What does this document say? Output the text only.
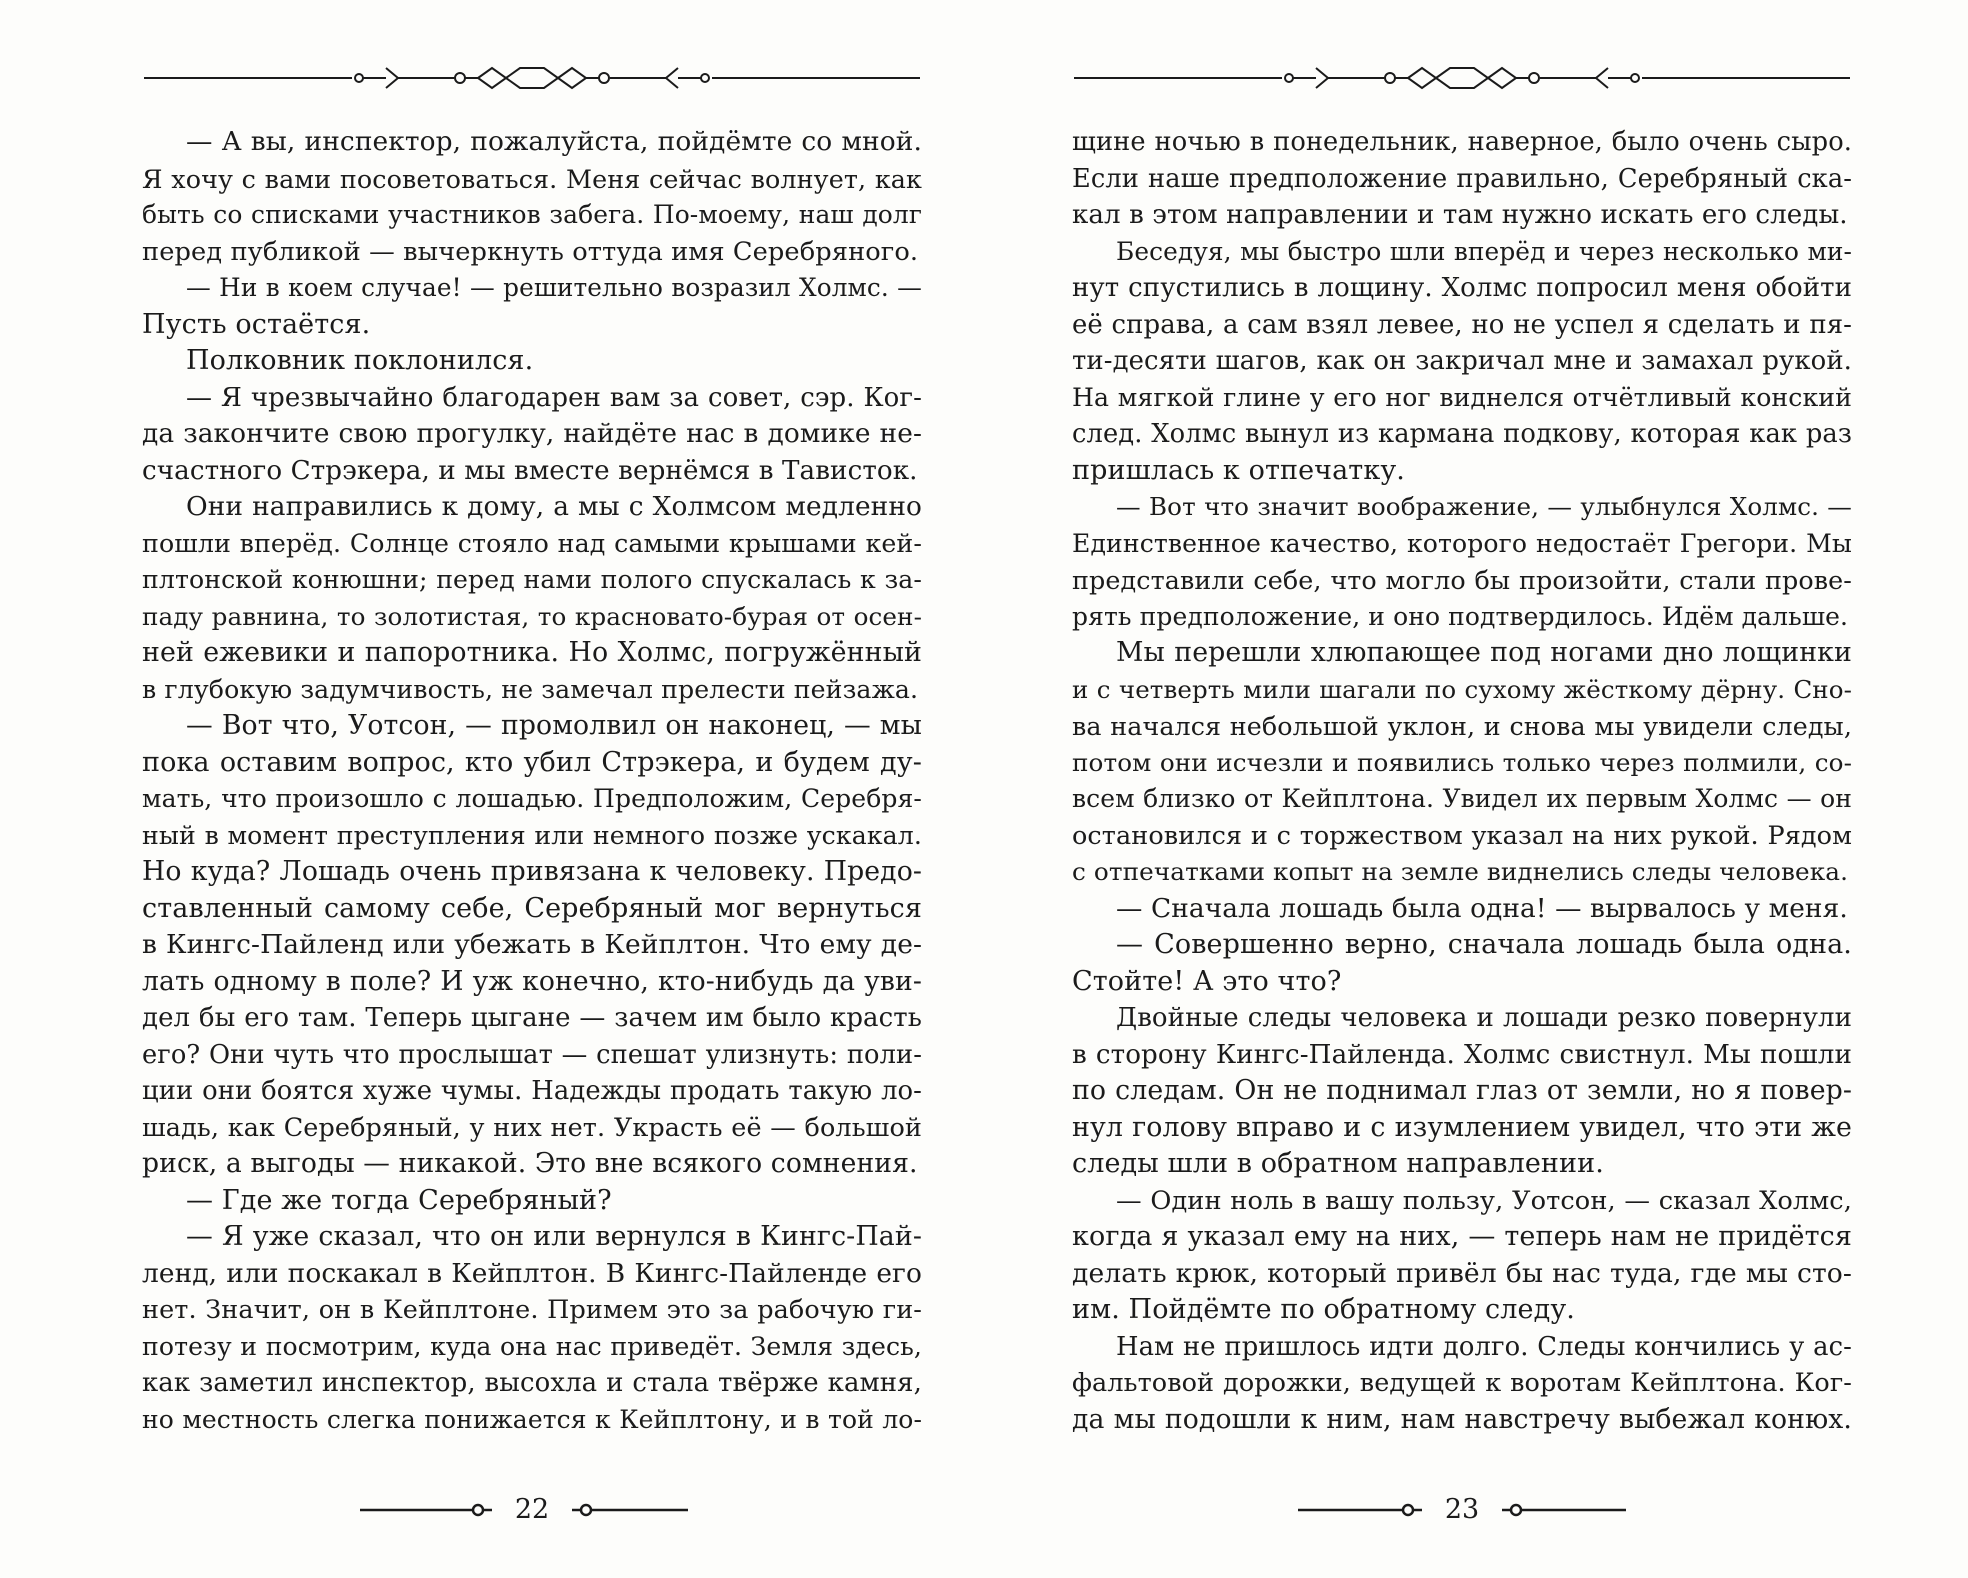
— А вы, инспектор, пожалуйста, пойдёмте со мной.
Я хочу с вами посоветоваться. Меня сейчас волнует, как
быть со списками участников забега. По-моему, наш долг
перед публикой — вычеркнуть оттуда имя Серебряного.
— Ни в коем случае! — решительно возразил Холмс. —
Пусть остаётся.
Полковник поклонился.
— Я чрезвычайно благодарен вам за совет, сэр. Ког-
да закончите свою прогулку, найдёте нас в домике не-
счастного Стрэкера, и мы вместе вернёмся в Тависток.
Они направились к дому, а мы с Холмсом медленно
пошли вперёд. Солнце стояло над самыми крышами кей-
плтонской конюшни; перед нами полого спускалась к за-
паду равнина, то золотистая, то красновато-бурая от осен-
ней ежевики и папоротника. Но Холмс, погружённый
в глубокую задумчивость, не замечал прелести пейзажа.
— Вот что, Уотсон, — промолвил он наконец, — мы
пока оставим вопрос, кто убил Стрэкера, и будем ду-
мать, что произошло с лошадью. Предположим, Серебря-
ный в момент преступления или немного позже ускакал.
Но куда? Лошадь очень привязана к человеку. Предо-
ставленный самому себе, Серебряный мог вернуться
в Кингс-Пайленд или убежать в Кейплтон. Что ему де-
лать одному в поле? И уж конечно, кто-нибудь да уви-
дел бы его там. Теперь цыгане — зачем им было красть
его? Они чуть что прослышат — спешат улизнуть: поли-
ции они боятся хуже чумы. Надежды продать такую ло-
шадь, как Серебряный, у них нет. Украсть её — большой
риск, а выгоды — никакой. Это вне всякого сомнения.
— Где же тогда Серебряный?
— Я уже сказал, что он или вернулся в Кингс-Пай-
ленд, или поскакал в Кейплтон. В Кингс-Пайленде его
нет. Значит, он в Кейплтоне. Примем это за рабочую ги-
потезу и посмотрим, куда она нас приведёт. Земля здесь,
как заметил инспектор, высохла и стала твёрже камня,
но местность слегка понижается к Кейплтону, и в той ло-
22
щине ночью в понедельник, наверное, было очень сыро.
Если наше предположение правильно, Серебряный ска-
кал в этом направлении и там нужно искать его следы.
Беседуя, мы быстро шли вперёд и через несколько ми-
нут спустились в лощину. Холмс попросил меня обойти
её справа, а сам взял левее, но не успел я сделать и пя-
ти-десяти шагов, как он закричал мне и замахал рукой.
На мягкой глине у его ног виднелся отчётливый конский
след. Холмс вынул из кармана подкову, которая как раз
пришлась к отпечатку.
— Вот что значит воображение, — улыбнулся Холмс. —
Единственное качество, которого недостаёт Грегори. Мы
представили себе, что могло бы произойти, стали прове-
рять предположение, и оно подтвердилось. Идём дальше.
Мы перешли хлюпающее под ногами дно лощинки
и с четверть мили шагали по сухому жёсткому дёрну. Сно-
ва начался небольшой уклон, и снова мы увидели следы,
потом они исчезли и появились только через полмили, со-
всем близко от Кейплтона. Увидел их первым Холмс — он
остановился и с торжеством указал на них рукой. Рядом
с отпечатками копыт на земле виднелись следы человека.
— Сначала лошадь была одна! — вырвалось у меня.
— Совершенно верно, сначала лошадь была одна.
Стойте! А это что?
Двойные следы человека и лошади резко повернули
в сторону Кингс-Пайленда. Холмс свистнул. Мы пошли
по следам. Он не поднимал глаз от земли, но я повер-
нул голову вправо и с изумлением увидел, что эти же
следы шли в обратном направлении.
— Один ноль в вашу пользу, Уотсон, — сказал Холмс,
когда я указал ему на них, — теперь нам не придётся
делать крюк, который привёл бы нас туда, где мы сто-
им. Пойдёмте по обратному следу.
Нам не пришлось идти долго. Следы кончились у ас-
фальтовой дорожки, ведущей к воротам Кейплтона. Ког-
да мы подошли к ним, нам навстречу выбежал конюх.
23
